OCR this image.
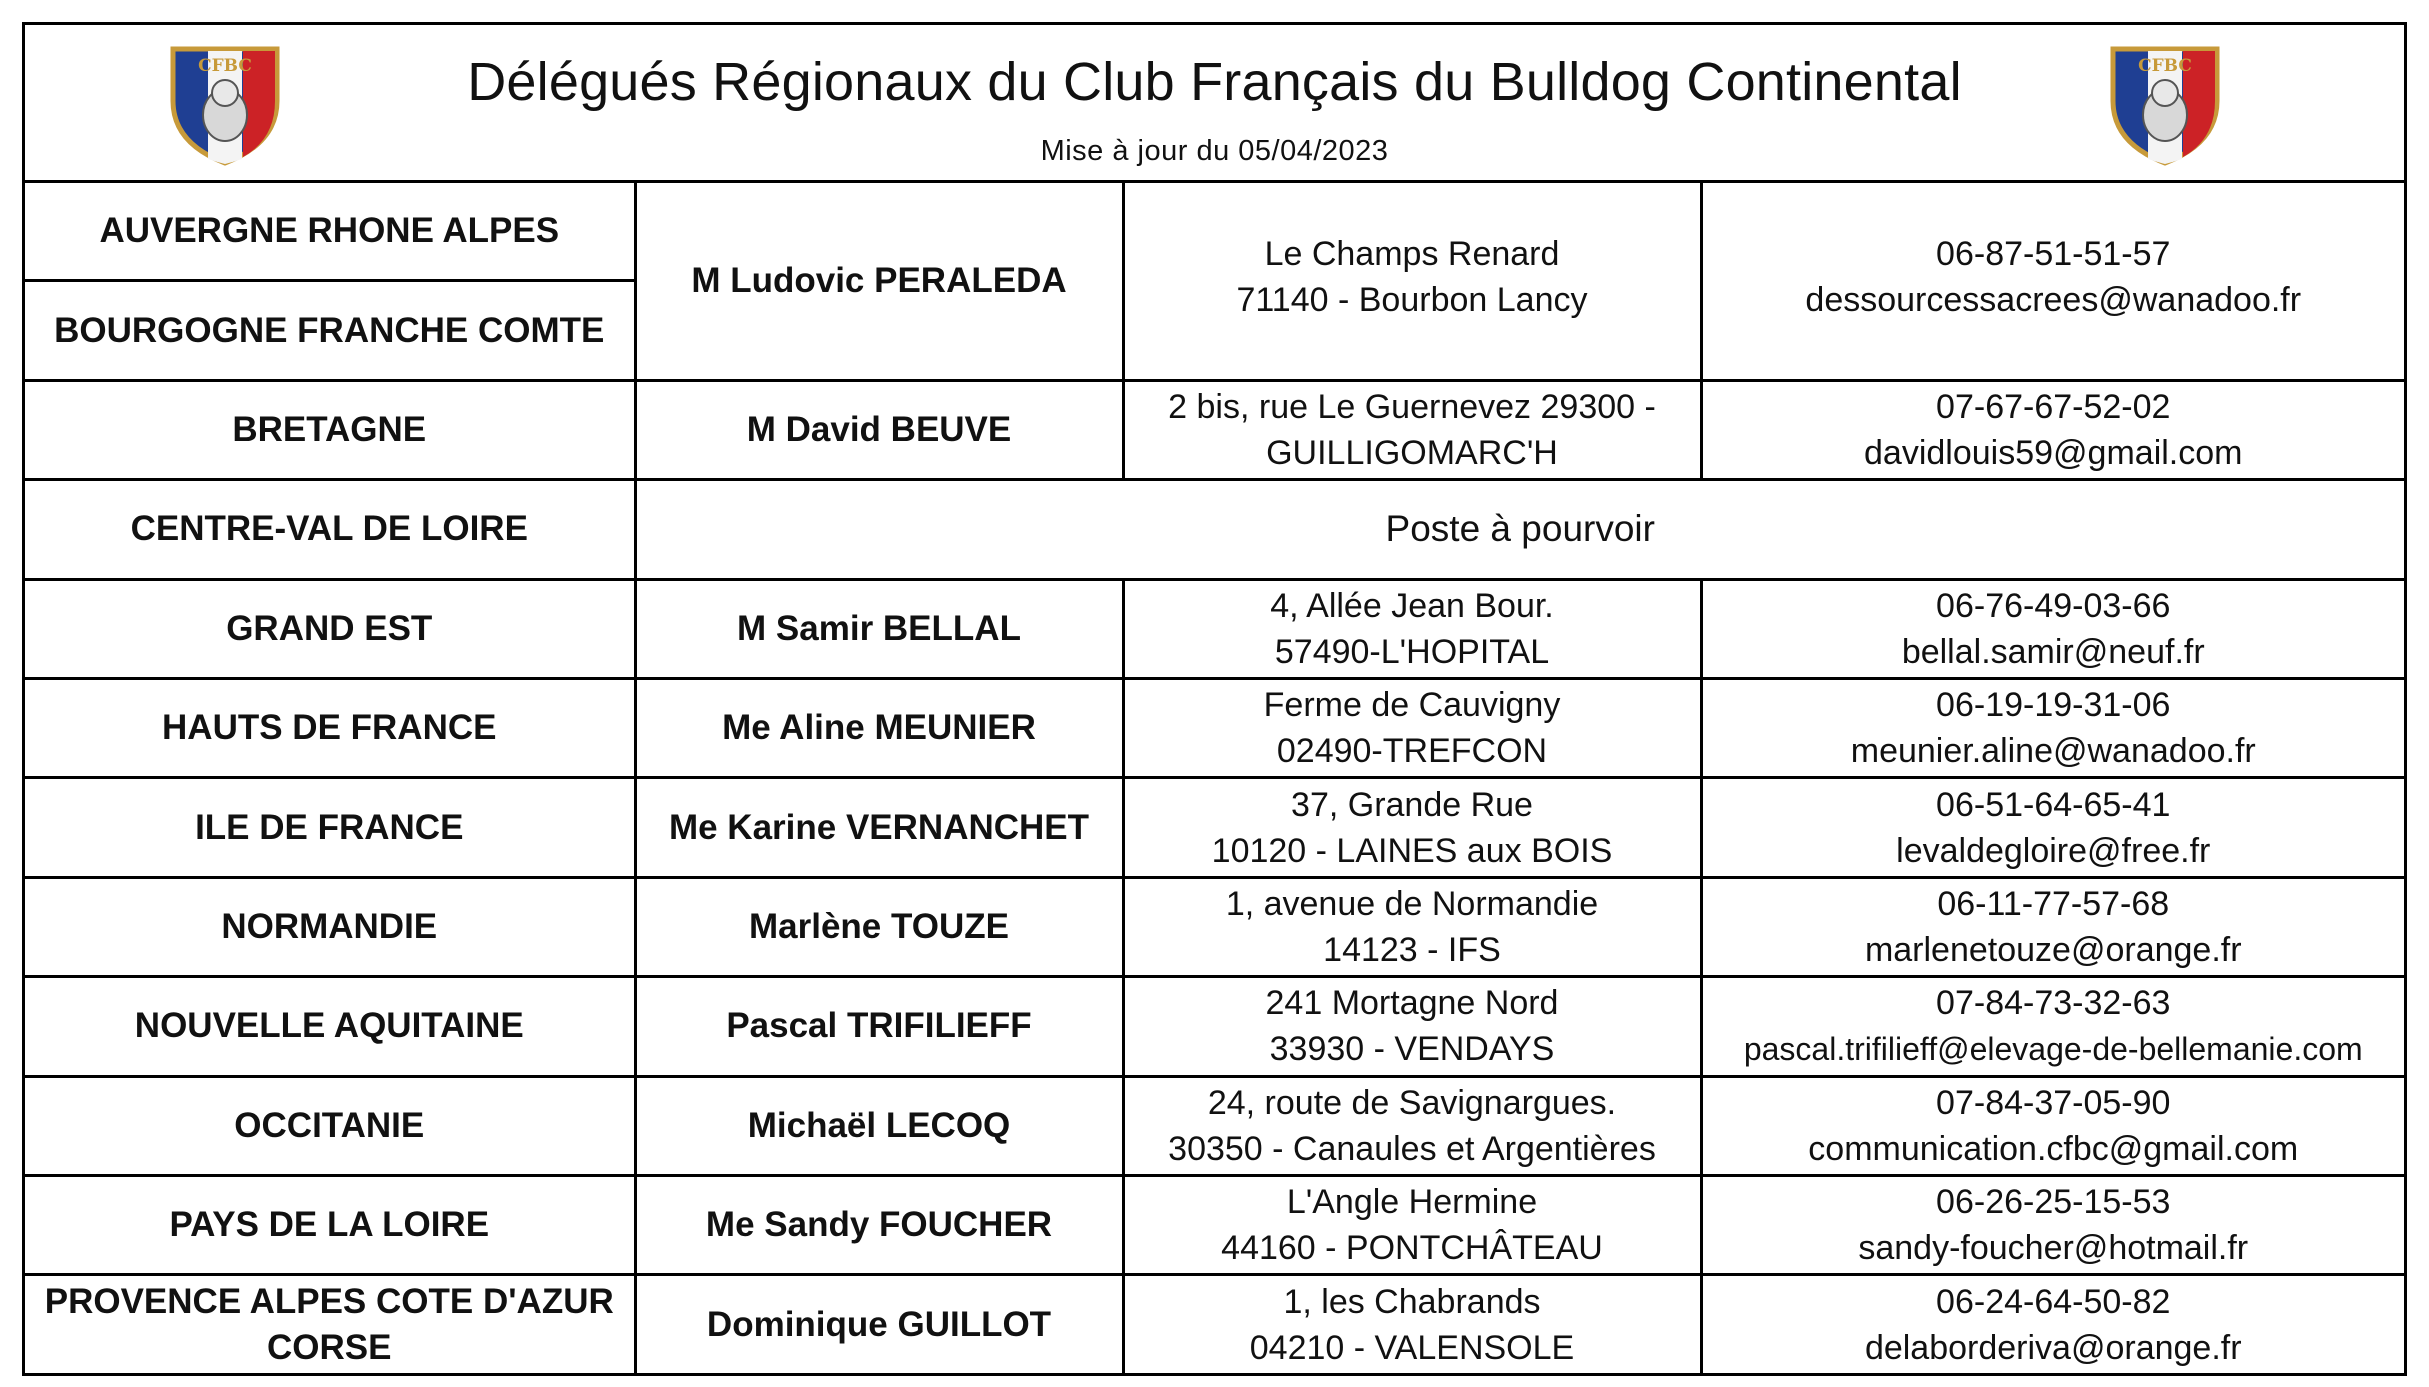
CFBC	Délégués Régionaux du Club Français du Bulldog Continental
Mise à jour du 05/04/2023
CFBC
AUVERGNE RHONE ALPES	M Ludovic PERALEDA	Le Champs Renard
71140 - Bourbon Lancy	06-87-51-51-57
dessourcessacrees@wanadoo.fr

BOURGOGNE FRANCHE COMTE			

BRETAGNE	M David BEUVE	2 bis, rue Le Guernevez 29300 -
GUILLIGOMARC'H	07-67-67-52-02
davidlouis59@gmail.com

CENTRE-VAL DE LOIRE	Poste à pourvoir		

GRAND EST	M Samir BELLAL	4, Allée Jean Bour.
57490-L'HOPITAL	06-76-49-03-66
bellal.samir@neuf.fr

HAUTS DE FRANCE	Me Aline MEUNIER	Ferme de Cauvigny
02490-TREFCON	06-19-19-31-06
meunier.aline@wanadoo.fr

ILE DE FRANCE	Me Karine VERNANCHET	37, Grande Rue
10120 - LAINES aux BOIS	06-51-64-65-41
levaldegloire@free.fr

NORMANDIE	Marlène TOUZE	1, avenue de Normandie
14123 - IFS	06-11-77-57-68
marlenetouze@orange.fr

NOUVELLE AQUITAINE	Pascal TRIFILIEFF	241 Mortagne Nord
33930 - VENDAYS	07-84-73-32-63
pascal.trifilieff@elevage-de-bellemanie.com

OCCITANIE	Michaël LECOQ	24, route de Savignargues.
30350 - Canaules et Argentières	07-84-37-05-90
communication.cfbc@gmail.com

PAYS DE LA LOIRE	Me Sandy FOUCHER	L'Angle Hermine
44160 - PONTCHÂTEAU	06-26-25-15-53
sandy-foucher@hotmail.fr

PROVENCE ALPES COTE D'AZUR
CORSE	Dominique GUILLOT	1, les Chabrands
04210 - VALENSOLE	06-24-64-50-82
delaborderiva@orange.fr
